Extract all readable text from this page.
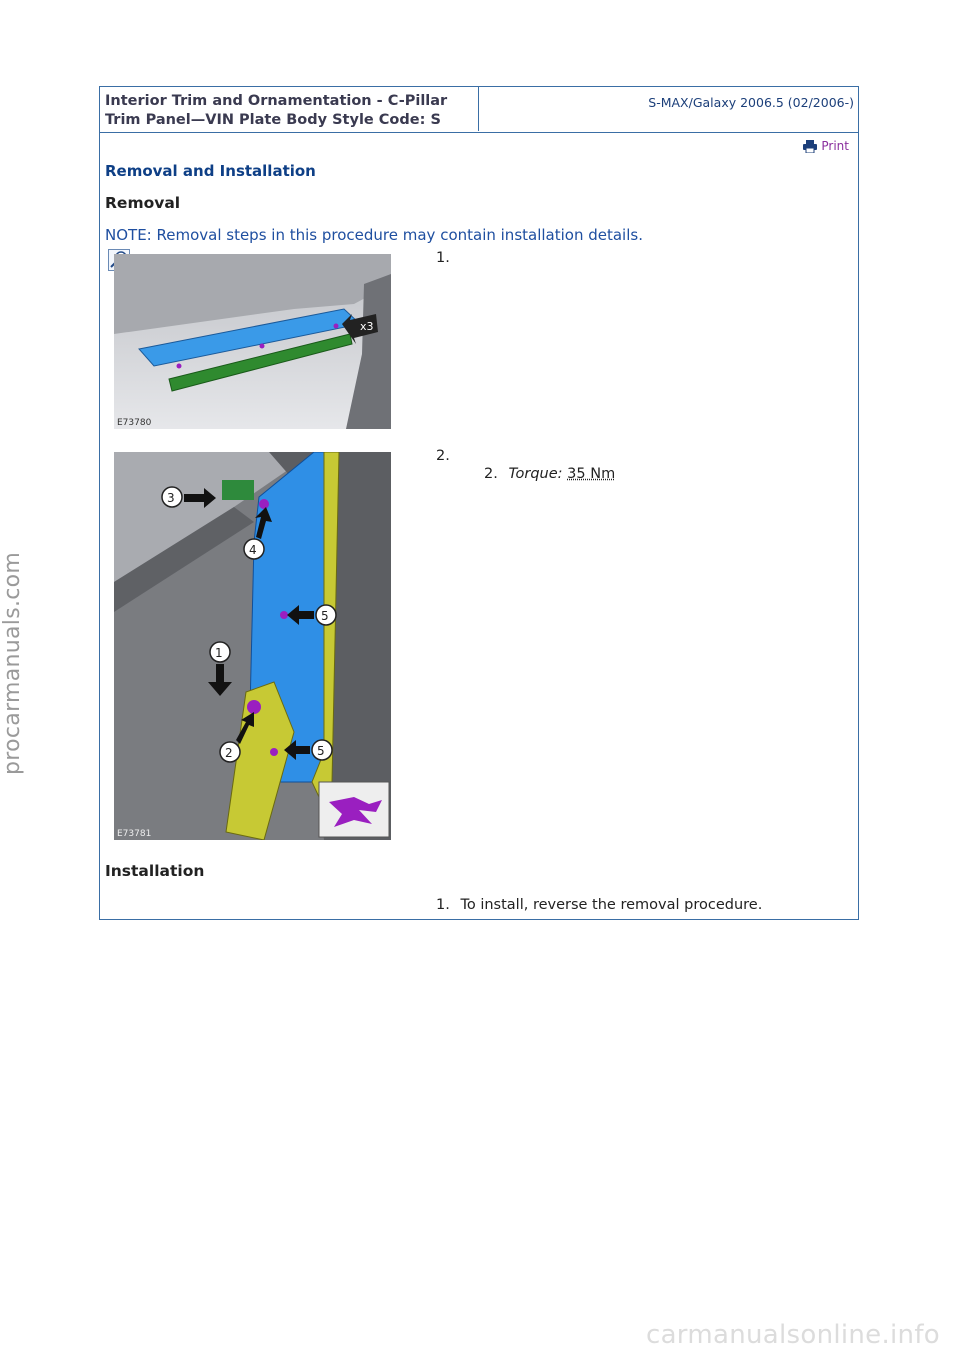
Interior Trim and Ornamentation - C-Pillar
Trim Panel—VIN Plate Body Style Code: S
S-MAX/Galaxy 2006.5 (02/2006-)
Print
Removal and Installation
Removal
NOTE: Removal steps in this procedure may contain installation details.
x3
E73780
1.
3
4
5
1
2	5
E73781
2.
2. Torque: 35 Nm
Installation
1. To install, reverse the removal procedure.
procarmanuals.com
carmanualsonline.info
